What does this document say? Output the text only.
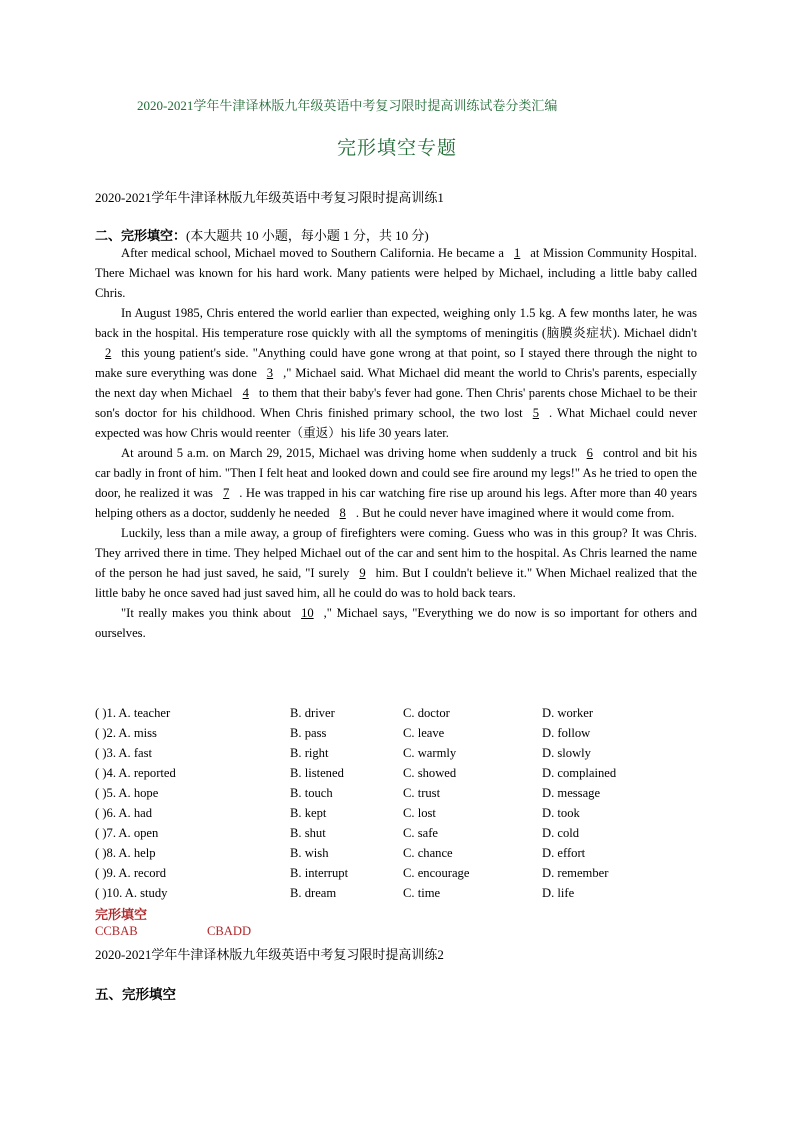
2020-2021学年牛津译林版九年级英语中考复习限时提高训练试卷分类汇编
完形填空专题
2020-2021学年牛津译林版九年级英语中考复习限时提高训练1
二、完形填空：(本大题共 10 小题，每小题 1 分，共 10 分)

After medical school, Michael moved to Southern California. He became a 1 at Mission Community Hospital. There Michael was known for his hard work. Many patients were helped by Michael, including a little baby called Chris.

In August 1985, Chris entered the world earlier than expected, weighing only 1.5 kg. A few months later, he was back in the hospital. His temperature rose quickly with all the symptoms of meningitis (脑膜炎症状). Michael didn't2 this young patient's side. "Anything could have gone wrong at that point, so I stayed there through the night to make sure everything was done 3 ," Michael said. What Michael did meant the world to Chris's parents, especially the next day when Michael 4 to them that their baby's fever had gone. Then Chris' parents chose Michael to be their son's doctor for his childhood. When Chris finished primary school, the two lost 5 . What Michael could never expected was how Chris would reenter（重返）his life 30 years later.

At around 5 a.m. on March 29, 2015, Michael was driving home when suddenly a truck 6 control and bit his car badly in front of him. "Then I felt heat and looked down and could see fire around my legs!" As he tried to open the door, he realized it was 7 . He was trapped in his car watching fire rise up around his legs. After more than 40 years helping others as a doctor, suddenly he needed 8 . But he could never have imagined where it would come from.

Luckily, less than a mile away, a group of firefighters were coming. Guess who was in this group? It was Chris. They arrived there in time. They helped Michael out of the car and sent him to the hospital. As Chris learned the name of the person he had just saved, he said, "I surely 9 him. But I couldn't believe it." When Michael realized that the little baby he once saved had just saved him, all he could do was to hold back tears.

"It really makes you think about 10 ," Michael says, "Everything we do now is so important for others and ourselves.

( )1. A. teacher	B. driver	C. doctor	D. worker
( )2. A. miss	B. pass	C. leave	D. follow
( )3. A. fast	B. right	C. warmly	D. slowly
( )4. A. reported	B. listened	C. showed	D. complained
( )5. A. hope	B. touch	C. trust	D. message
( )6. A. had	B. kept	C. lost	D. took
( )7. A. open	B. shut	C. safe	D. cold
( )8. A. help	B. wish	C. chance	D. effort
( )9. A. record	B. interrupt	C. encourage	D. remember
( )10. A. study	B. dream	C. time	D. life
完形填空
CCBAB	CBADD
2020-2021学年牛津译林版九年级英语中考复习限时提高训练2
五、完形填空
